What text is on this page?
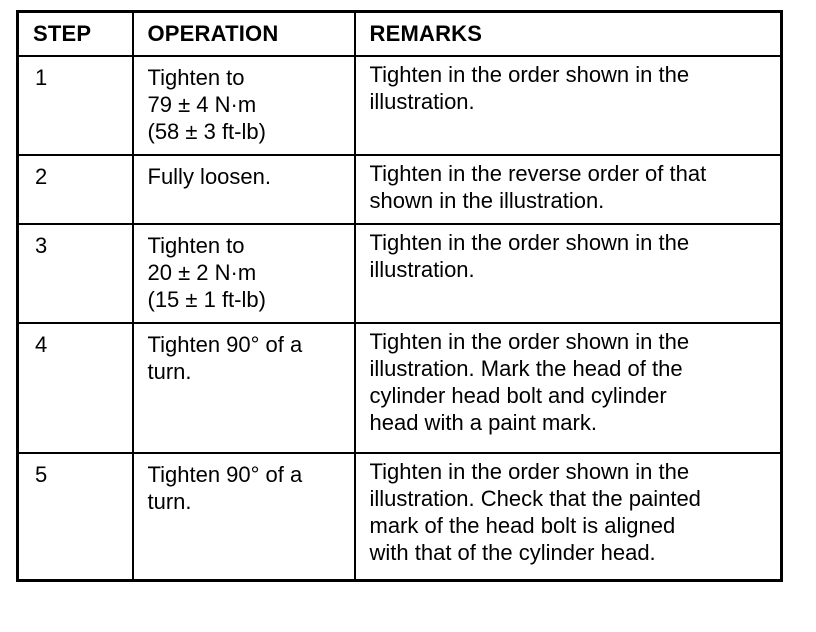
STEP	OPERATION	REMARKS
1	Tighten to
79 ± 4 N·m
(58 ± 3 ft-lb)	Tighten in the order shown in the
illustration.

2	Fully loosen.	Tighten in the reverse order of that
shown in the illustration.

3	Tighten to
20 ± 2 N·m
(15 ± 1 ft-lb)	Tighten in the order shown in the
illustration.

4	Tighten 90° of a
turn.	Tighten in the order shown in the
illustration. Mark the head of the
cylinder head bolt and cylinder
head with a paint mark.

5	Tighten 90° of a
turn.	Tighten in the order shown in the
illustration. Check that the painted
mark of the head bolt is aligned
with that of the cylinder head.
